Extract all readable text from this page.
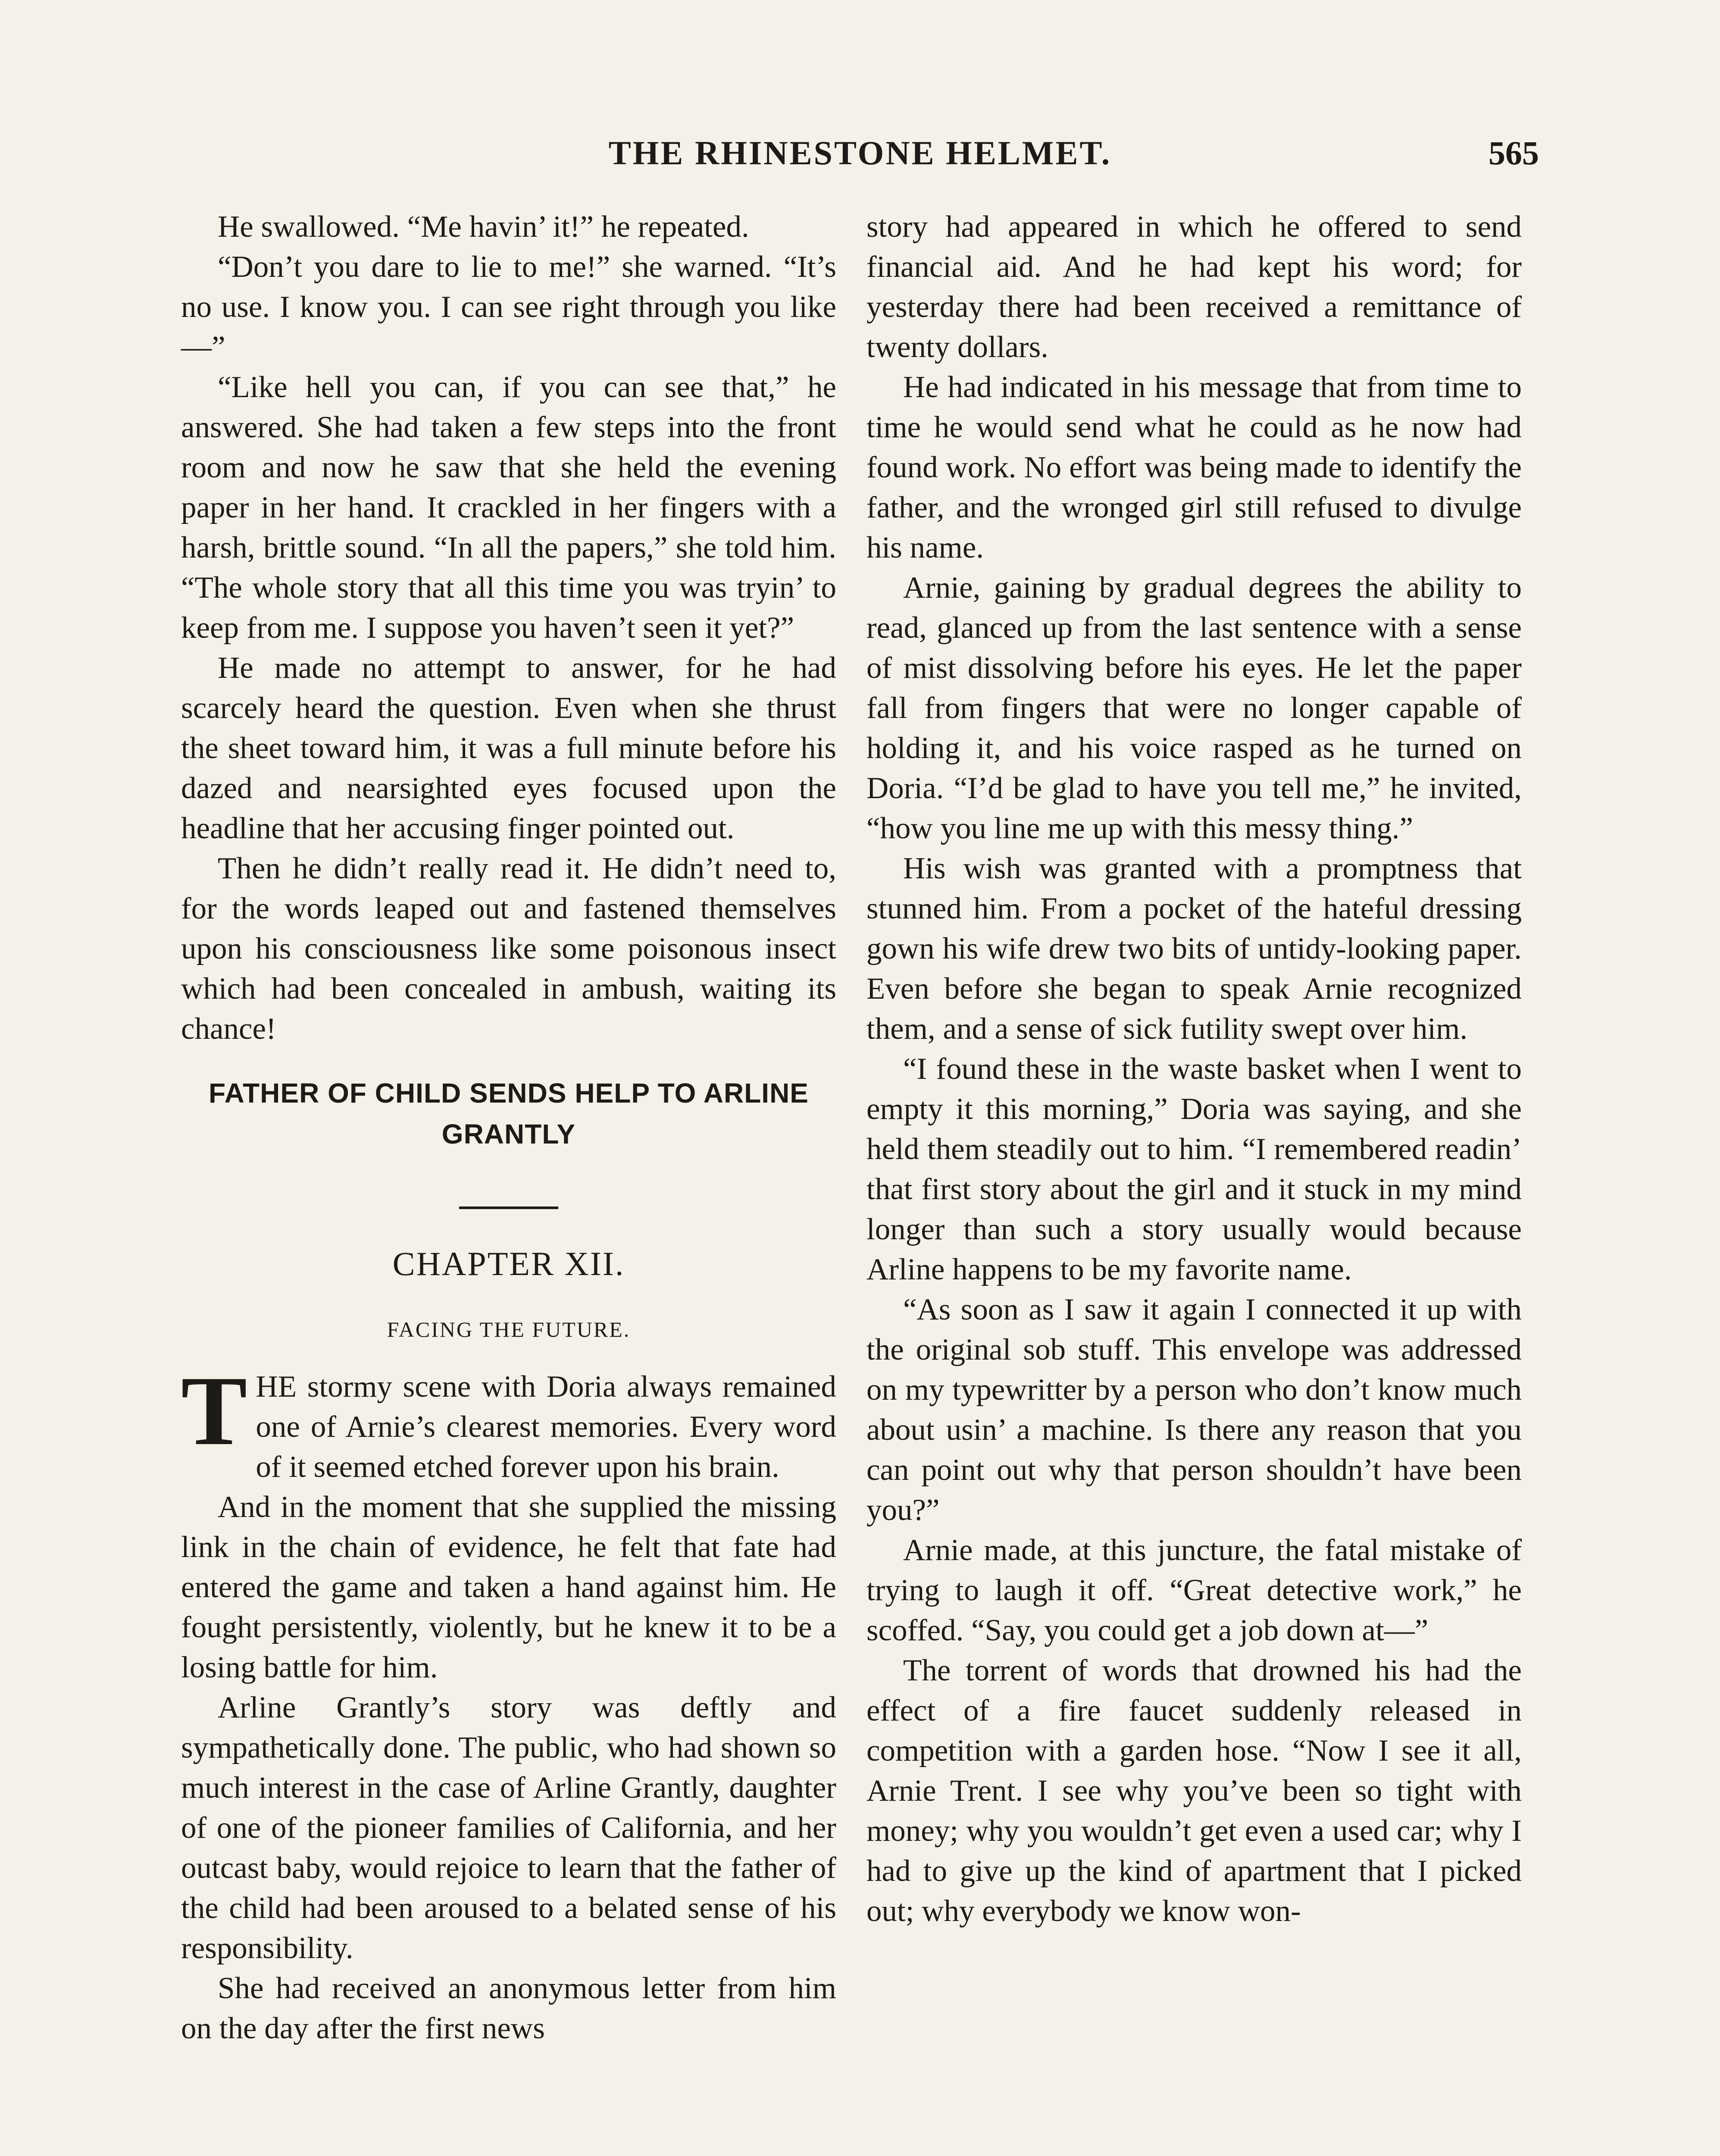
THE RHINESTONE HELMET.	565

He swallowed. “Me havin’ it!” he repeated.

“Don’t you dare to lie to me!” she warned. “It’s no use. I know you. I can see right through you like—”

“Like hell you can, if you can see that,” he answered. She had taken a few steps into the front room and now he saw that she held the evening paper in her hand. It crackled in her fingers with a harsh, brittle sound. “In all the papers,” she told him. “The whole story that all this time you was tryin’ to keep from me. I suppose you haven’t seen it yet?”

He made no attempt to answer, for he had scarcely heard the question. Even when she thrust the sheet toward him, it was a full minute before his dazed and nearsighted eyes focused upon the headline that her accusing finger pointed out.

Then he didn’t really read it. He didn’t need to, for the words leaped out and fastened themselves upon his consciousness like some poisonous insect which had been concealed in ambush, waiting its chance!

FATHER OF CHILD SENDS HELP TO ARLINE GRANTLY
CHAPTER XII.
FACING THE FUTURE.

THE stormy scene with Doria always remained one of Arnie’s clearest memories. Every word of it seemed etched forever upon his brain.

And in the moment that she supplied the missing link in the chain of evidence, he felt that fate had entered the game and taken a hand against him. He fought persistently, violently, but he knew it to be a losing battle for him.

Arline Grantly’s story was deftly and sympathetically done. The public, who had shown so much interest in the case of Arline Grantly, daughter of one of the pioneer families of California, and her outcast baby, would rejoice to learn that the father of the child had been aroused to a belated sense of his responsibility.

She had received an anonymous letter from him on the day after the first news

story had appeared in which he offered to send financial aid. And he had kept his word; for yesterday there had been received a remittance of twenty dollars.

He had indicated in his message that from time to time he would send what he could as he now had found work. No effort was being made to identify the father, and the wronged girl still refused to divulge his name.

Arnie, gaining by gradual degrees the ability to read, glanced up from the last sentence with a sense of mist dissolving before his eyes. He let the paper fall from fingers that were no longer capable of holding it, and his voice rasped as he turned on Doria. “I’d be glad to have you tell me,” he invited, “how you line me up with this messy thing.”

His wish was granted with a promptness that stunned him. From a pocket of the hateful dressing gown his wife drew two bits of untidy-looking paper. Even before she began to speak Arnie recognized them, and a sense of sick futility swept over him.

“I found these in the waste basket when I went to empty it this morning,” Doria was saying, and she held them steadily out to him. “I remembered readin’ that first story about the girl and it stuck in my mind longer than such a story usually would because Arline happens to be my favorite name.

“As soon as I saw it again I connected it up with the original sob stuff. This envelope was addressed on my typewritter by a person who don’t know much about usin’ a machine. Is there any reason that you can point out why that person shouldn’t have been you?”

Arnie made, at this juncture, the fatal mistake of trying to laugh it off. “Great detective work,” he scoffed. “Say, you could get a job down at—”

The torrent of words that drowned his had the effect of a fire faucet suddenly released in competition with a garden hose. “Now I see it all, Arnie Trent. I see why you’ve been so tight with money; why you wouldn’t get even a used car; why I had to give up the kind of apartment that I picked out; why everybody we know won-
